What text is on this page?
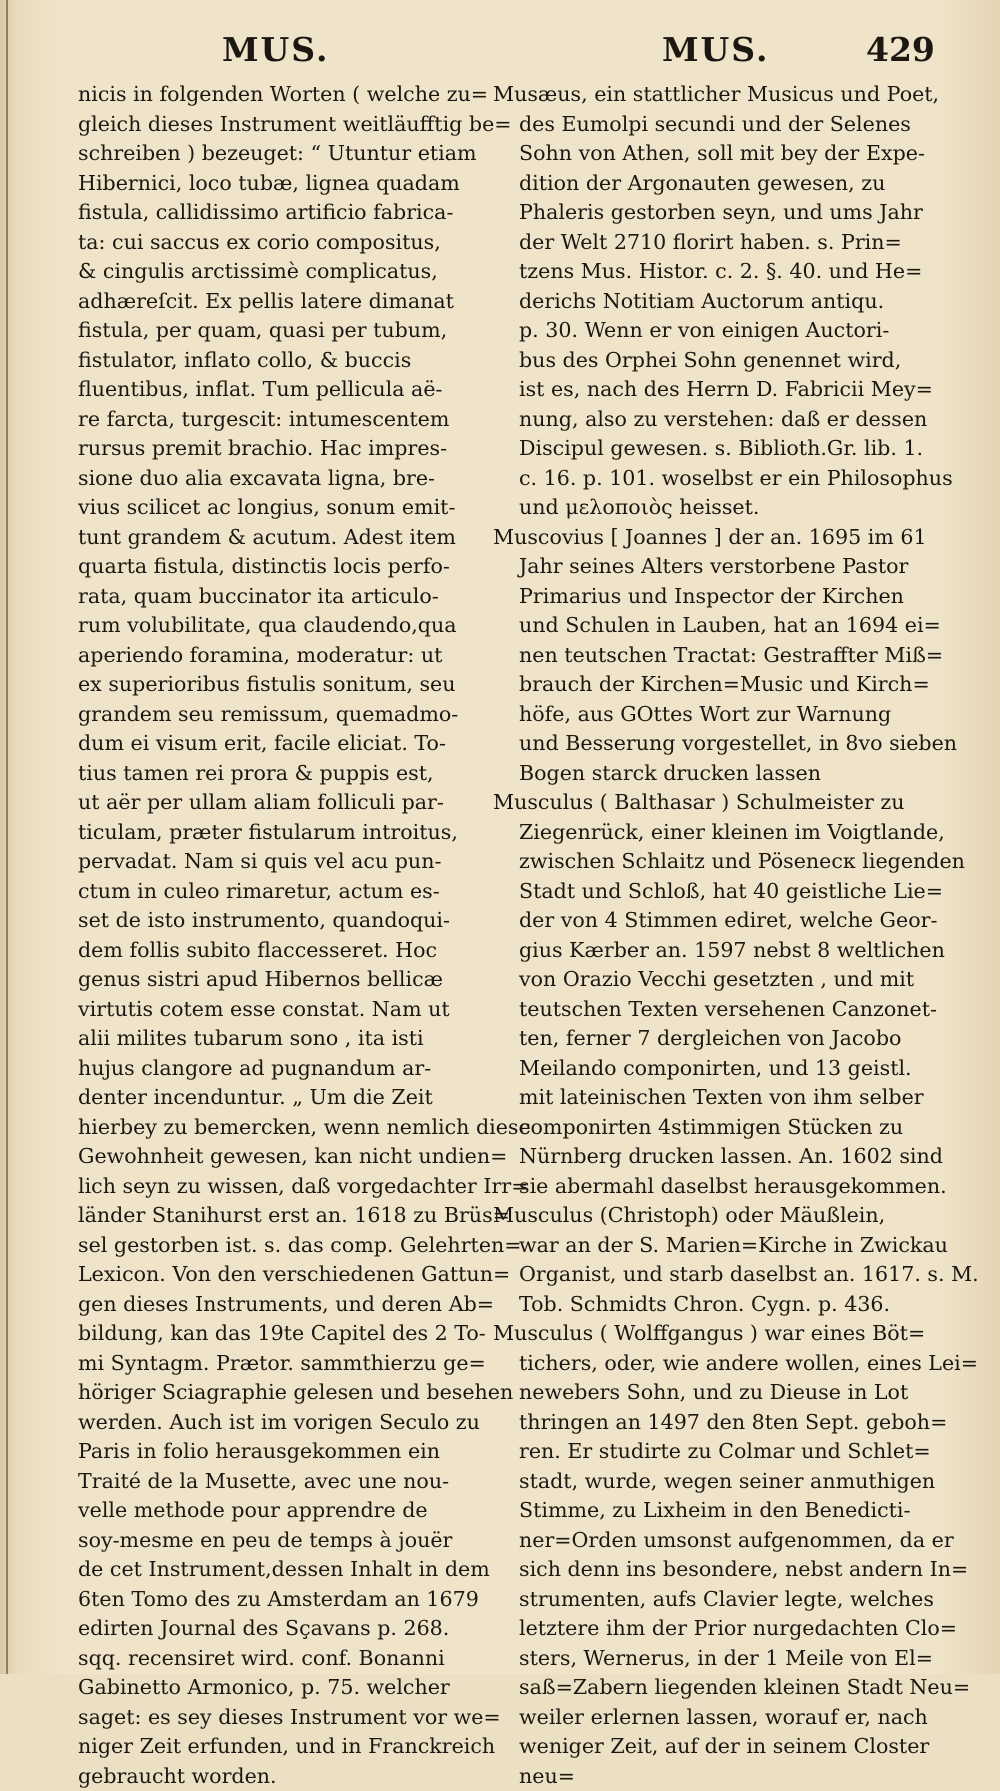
MUS.	MUS.	429
nicis in folgenden Worten ( welche zu=
gleich dieses Instrument weitläufftig be=
schreiben ) bezeuget: “ Utuntur etiam
Hibernici, loco tubæ, lignea quadam
fistula, callidissimo artificio fabrica-
ta: cui saccus ex corio compositus,
& cingulis arctissimè complicatus,
adhæreſcit. Ex pellis latere dimanat
fistula, per quam, quasi per tubum,
fistulator, inflato collo, & buccis
fluentibus, inflat. Tum pellicula aë-
re farcta, turgescit: intumescentem
rursus premit brachio. Hac impres-
sione duo alia excavata ligna, bre-
vius scilicet ac longius, sonum emit-
tunt grandem & acutum. Adest item
quarta fistula, distinctis locis perfo-
rata, quam buccinator ita articulo-
rum volubilitate, qua claudendo,qua
aperiendo foramina, moderatur: ut
ex superioribus fistulis sonitum, seu
grandem seu remissum, quemadmo-
dum ei visum erit, facile eliciat. To-
tius tamen rei prora & puppis est,
ut aër per ullam aliam folliculi par-
ticulam, præter fistularum introitus,
pervadat. Nam si quis vel acu pun-
ctum in culeo rimaretur, actum es-
set de isto instrumento, quandoqui-
dem follis subito flaccesseret. Hoc
genus sistri apud Hibernos bellicæ
virtutis cotem esse constat. Nam ut
alii milites tubarum sono , ita isti
hujus clangore ad pugnandum ar-
denter incenduntur. „ Um die Zeit
hierbey zu bemercken, wenn nemlich diese
Gewohnheit gewesen, kan nicht undien=
lich seyn zu wissen, daß vorgedachter Irr=
länder Stanihurst erst an. 1618 zu Brüs=
sel gestorben ist. s. das comp. Gelehrten=
Lexicon. Von den verschiedenen Gattun=
gen dieses Instruments, und deren Ab=
bildung, kan das 19te Capitel des 2 To-
mi Syntagm. Prætor. sammthierzu ge=
höriger Sciagraphie gelesen und besehen
werden. Auch ist im vorigen Seculo zu
Paris in folio herausgekommen ein
Traité de la Musette, avec une nou-
velle methode pour apprendre de
soy-mesme en peu de temps à jouër
de cet Instrument,dessen Inhalt in dem
6ten Tomo des zu Amsterdam an 1679
edirten Journal des Sçavans p. 268.
sqq. recensiret wird. conf. Bonanni
Gabinetto Armonico, p. 75. welcher
saget: es sey dieses Instrument vor we=
niger Zeit erfunden, und in Franckreich
gebraucht worden.
Musæus, ein stattlicher Musicus und Poet,
des Eumolpi secundi und der Selenes
Sohn von Athen, soll mit bey der Expe-
dition der Argonauten gewesen, zu
Phaleris gestorben seyn, und ums Jahr
der Welt 2710 florirt haben. s. Prin=
tzens Mus. Histor. c. 2. §. 40. und He=
derichs Notitiam Auctorum antiqu.
p. 30. Wenn er von einigen Auctori-
bus des Orphei Sohn genennet wird,
ist es, nach des Herrn D. Fabricii Mey=
nung, also zu verstehen: daß er dessen
Discipul gewesen. s. Biblioth.Gr. lib. 1.
c. 16. p. 101. woselbst er ein Philosophus
und μελοποιὸς heisset.
Muscovius [ Joannes ] der an. 1695 im 61
Jahr seines Alters verstorbene Pastor
Primarius und Inspector der Kirchen
und Schulen in Lauben, hat an 1694 ei=
nen teutschen Tractat: Gestraffter Miß=
brauch der Kirchen=Music und Kirch=
höfe, aus GOttes Wort zur Warnung
und Besserung vorgestellet, in 8vo sieben
Bogen starck drucken lassen
Musculus ( Balthasar ) Schulmeister zu
Ziegenrück, einer kleinen im Voigtlande,
zwischen Schlaitz und Pösenecк liegenden
Stadt und Schloß, hat 40 geistliche Lie=
der von 4 Stimmen ediret, welche Geor-
gius Kærber an. 1597 nebst 8 weltlichen
von Orazio Vecchi gesetzten , und mit
teutschen Texten versehenen Canzonet-
ten, ferner 7 dergleichen von Jacobo
Meilando componirten, und 13 geistl.
mit lateinischen Texten von ihm selber
componirten 4stimmigen Stücken zu
Nürnberg drucken lassen. An. 1602 sind
sie abermahl daselbst herausgekommen.
Musculus (Christoph) oder Mäußlein,
war an der S. Marien=Kirche in Zwickau
Organist, und starb daselbst an. 1617. s. M.
Tob. Schmidts Chron. Cygn. p. 436.
Musculus ( Wolffgangus ) war eines Böt=
tichers, oder, wie andere wollen, eines Lei=
newebers Sohn, und zu Dieuse in Lot
thringen an 1497 den 8ten Sept. geboh=
ren. Er studirte zu Colmar und Schlet=
stadt, wurde, wegen seiner anmuthigen
Stimme, zu Lixheim in den Benedicti-
ner=Orden umsonst aufgenommen, da er
sich denn ins besondere, nebst andern In=
strumenten, aufs Clavier legte, welches
letztere ihm der Prior nurgedachten Clo=
sters, Wernerus, in der 1 Meile von El=
saß=Zabern liegenden kleinen Stadt Neu=
weiler erlernen lassen, worauf er, nach
weniger Zeit, auf der in seinem Closter
neu=
